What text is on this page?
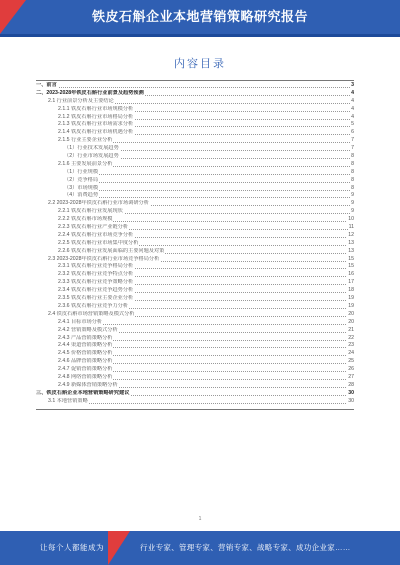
铁皮石斛企业本地营销策略研究报告
内容目录
一、前言	3
二、2023-2028年铁皮石斛行业前景及趋势预测	4
2.1 行业前景分析及主要结论	4
2.1.1 铁皮石斛行业市场规模分析	4
2.1.2 铁皮石斛行业市场格局分析	4
2.1.3 铁皮石斛行业市场需求分析	5
2.1.4 铁皮石斛行业市场机遇分析	6
2.1.5 行业主要企业分析	7
（1）行业技术发展趋势	7
（2）行业市场发展趋势	8
2.1.6 主要发展前景分析	8
（1）行业规模	8
（2）竞争格局	8
（3）市场规模	8
（4）消费趋势	9
2.2 2023-2028年铁皮石斛行业市场调研分析	9
2.2.1 铁皮石斛行业发展现状	9
2.2.2 铁皮石斛市场规模	10
2.2.3 铁皮石斛行业产业链分析	11
2.2.4 铁皮石斛行业市场竞争分析	12
2.2.5 铁皮石斛行业市场集中度分析	13
2.2.6 铁皮石斛行业发展面临的主要问题及对策	13
2.3 2023-2028年铁皮石斛行业市场竞争格局分析	15
2.3.1 铁皮石斛行业竞争格局分析	15
2.3.2 铁皮石斛行业竞争特点分析	16
2.3.3 铁皮石斛行业竞争策略分析	17
2.3.4 铁皮石斛行业竞争趋势分析	18
2.3.5 铁皮石斛行业主要企业分析	19
2.3.6 铁皮石斛行业竞争力分析	19
2.4 铁皮石斛市场营销策略及模式分析	20
2.4.1 目标市场分析	20
2.4.2 营销策略及模式分析	21
2.4.3 产品营销策略分析	22
2.4.4 渠道营销策略分析	23
2.4.5 价格营销策略分析	24
2.4.6 品牌营销策略分析	25
2.4.7 促销营销策略分析	26
2.4.8 网络营销策略分析	27
2.4.9 新媒体营销策略分析	28
三、铁皮石斛企业本地营销策略研究建议	30
3.1 本地营销策略	30
1
让每个人都能成为	行业专家、管理专家、营销专家、战略专家、成功企业家……
